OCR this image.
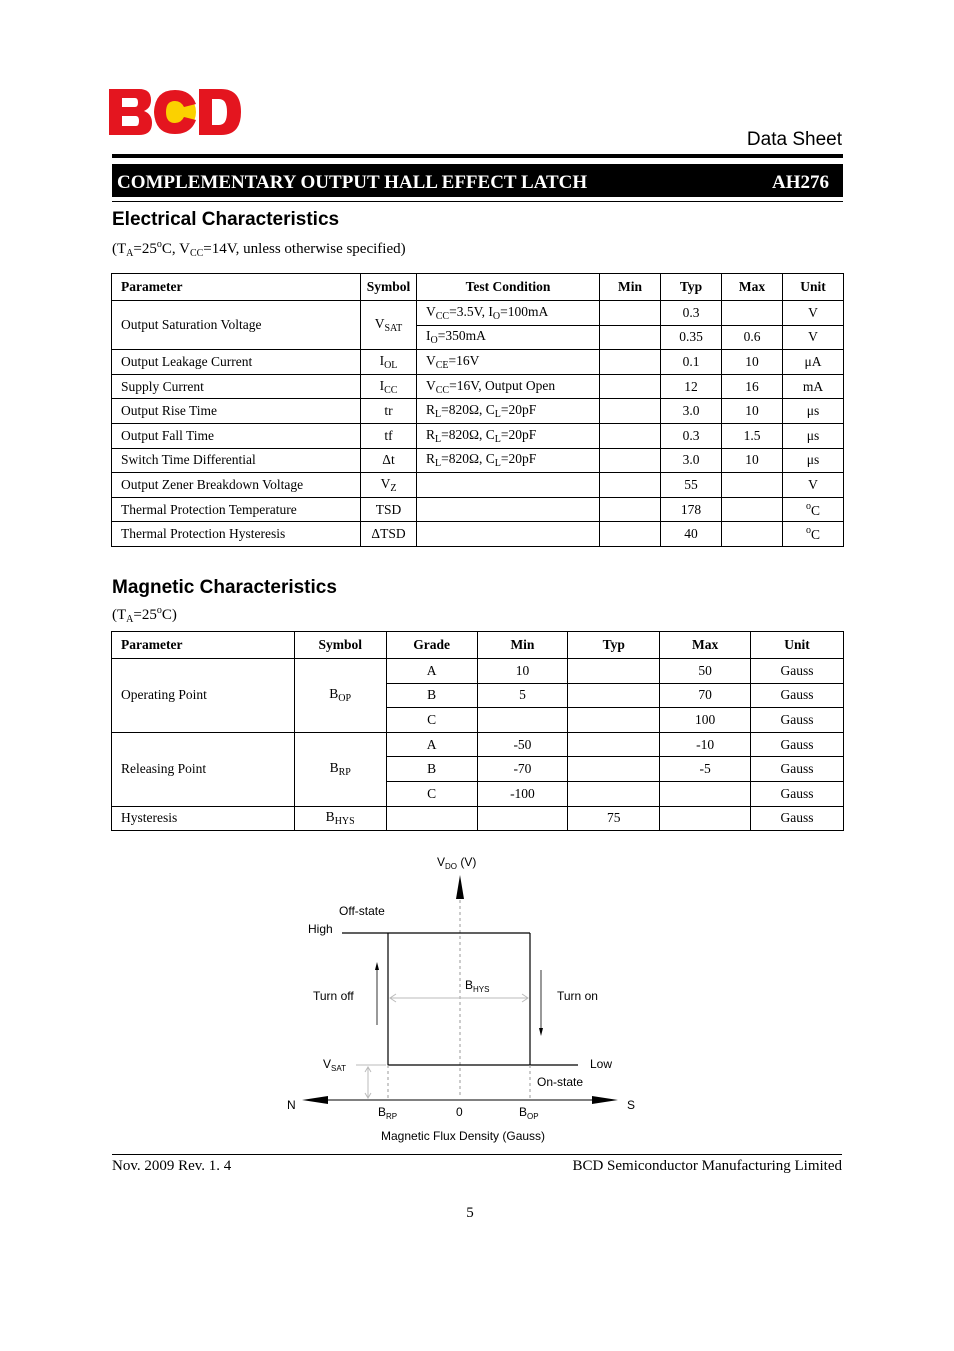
Data Sheet
COMPLEMENTARY OUTPUT HALL EFFECT LATCH	AH276
Electrical Characteristics
($T_A=25^oC$, $V_{CC}=14V$, unless otherwise specified)
Parameter	Symbol	Test Condition	Min	Typ	Max	Unit
Output Saturation Voltage	$V_{SAT}$	$V_{CC}=3.5V$, $I_O=100mA$		0.3		V
		$I_O=350mA$		0.35	0.6	V
Output Leakage Current	$I_{OL}$	$V_{CE}=16V$		0.1	10	μA
Supply Current	$I_{CC}$	$V_{CC}=16V$, Output Open		12	16	mA
Output Rise Time	tr	$R_L=820\Omega$, $C_L=20pF$		3.0	10	μs
Output Fall Time	tf	$R_L=820\Omega$, $C_L=20pF$		0.3	1.5	μs
Switch Time Differential	Δt	$R_L=820\Omega$, $C_L=20pF$		3.0	10	μs
Output Zener Breakdown Voltage	$V_Z$			55		V
Thermal Protection Temperature	TSD			178		$^o$C
Thermal Protection Hysteresis	ΔTSD			40		$^o$C
Magnetic Characteristics
$(T_A=25^oC)$
Parameter	Symbol	Grade	Min	Typ	Max	Unit
Operating Point	$B_{OP}$	A	10		50	Gauss
		B	5		70	Gauss
		C			100	Gauss
Releasing Point	$B_{RP}$	A	-50		-10	Gauss
		B	-70		-5	Gauss
		C	-100			Gauss
Hysteresis	$B_{HYS}$			75		Gauss
$V_{DO}$ (V)
Off-state
High
Turn off
$B_{HYS}$	Turn on
$V_{SAT}$	Low
On-state
N	S
$B_{RP}$	0	$B_{OP}$
Magnetic Flux Density (Gauss)
Nov. 2009 Rev. 1. 4	BCD Semiconductor Manufacturing Limited
5
